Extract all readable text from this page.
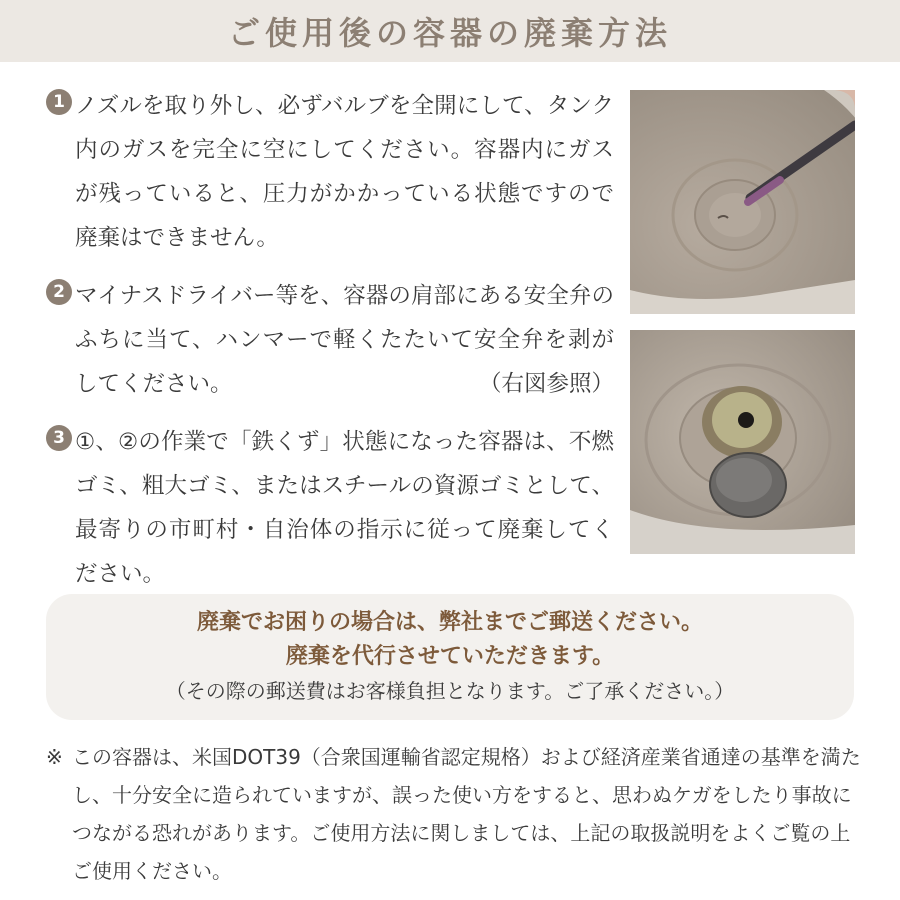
ご使用後の容器の廃棄方法
1 ノズルを取り外し、必ずバルブを全開にして、タンク内のガスを完全に空にしてください。容器内にガスが残っていると、圧力がかかっている状態ですので廃棄はできません。
2 マイナスドライバー等を、容器の肩部にある安全弁のふちに当て、ハンマーで軽くたたいて安全弁を剥がしてください。	（右図参照）
3 ①、②の作業で「鉄くず」状態になった容器は、不燃ゴミ、粗大ゴミ、またはスチールの資源ゴミとして、最寄りの市町村・自治体の指示に従って廃棄してください。
廃棄でお困りの場合は、弊社までご郵送ください。
廃棄を代行させていただきます。
（その際の郵送費はお客様負担となります。ご了承ください。）
※ この容器は、米国DOT39（合衆国運輸省認定規格）および経済産業省通達の基準を満たし、十分安全に造られていますが、誤った使い方をすると、思わぬケガをしたり事故につながる恐れがあります。ご使用方法に関しましては、上記の取扱説明をよくご覧の上ご使用ください。
